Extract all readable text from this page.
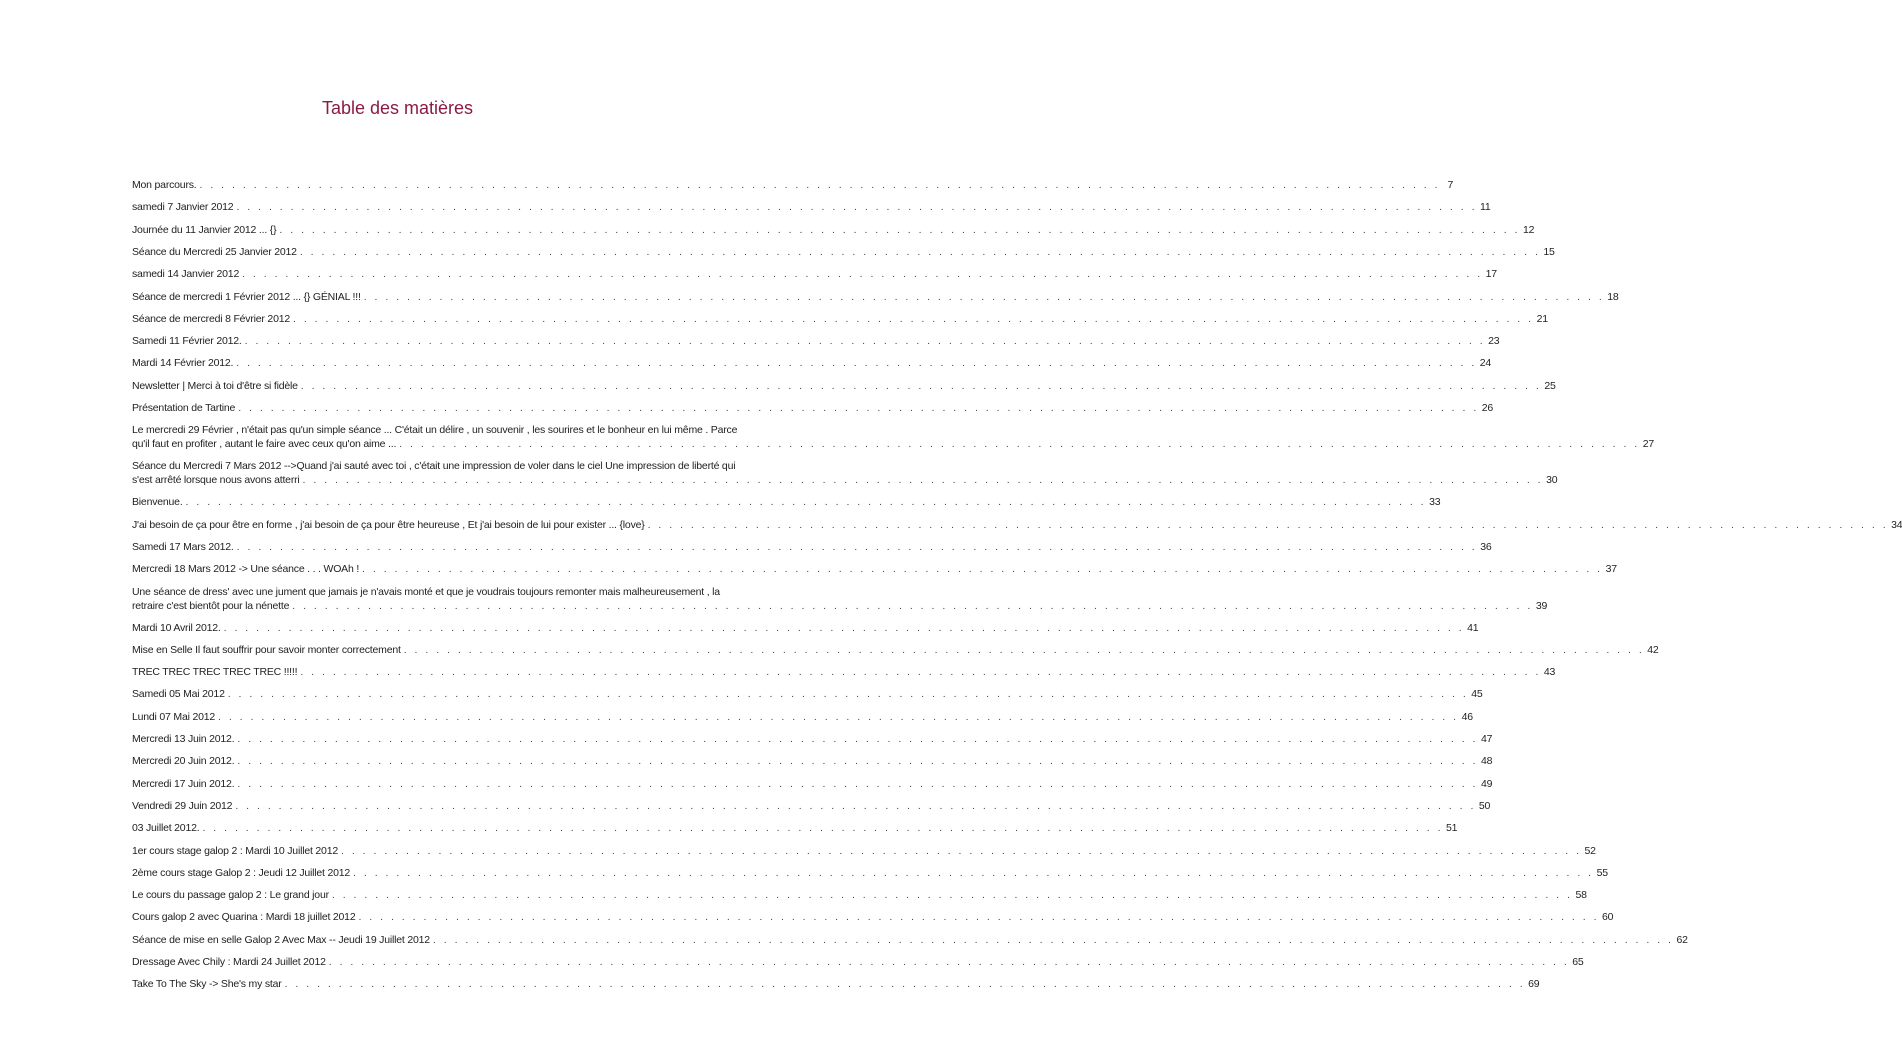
Table des matières
Mon parcours. . . .	7
samedi 7 Janvier 2012 . . .	11
Journée du 11 Janvier 2012 ... {} . . .	12
Séance du Mercredi 25 Janvier 2012 . . .	15
samedi 14 Janvier 2012 . . .	17
Séance de mercredi 1 Février 2012 ... {} GÉNIAL !!! . . .	18
Séance de mercredi 8 Février 2012 . . .	21
Samedi 11 Février 2012. . . .	23
Mardi 14 Février 2012. . . .	24
Newsletter | Merci à toi d'être si fidèle . . .	25
Présentation de Tartine . . .	26
Le mercredi 29 Février , n'était pas qu'un simple séance ... C'était un délire , un souvenir , les sourires et le bonheur en lui même . Parce
qu'il faut en profiter , autant le faire avec ceux qu'on aime ... . . .	27
Séance du Mercredi 7 Mars 2012 -->Quand j'ai sauté avec toi , c'était une impression de voler dans le ciel Une impression de liberté qui
s'est arrêté lorsque nous avons atterri . . .	30
Bienvenue. . . .	33
J'ai besoin de ça pour être en forme , j'ai besoin de ça pour être heureuse , Et j'ai besoin de lui pour exister ... {love} . . .	34
Samedi 17 Mars 2012. . . .	36
Mercredi 18 Mars 2012 -> Une séance . . . WOAh ! . . .	37
Une séance de dress' avec une jument que jamais je n'avais monté et que je voudrais toujours remonter mais malheureusement , la
retraire c'est bientôt pour la nénette . . .	39
Mardi 10 Avril 2012. . . .	41
Mise en Selle Il faut souffrir pour savoir monter correctement . . .	42
TREC TREC TREC TREC TREC !!!!! . . .	43
Samedi 05 Mai 2012 . . .	45
Lundi 07 Mai 2012 . . .	46
Mercredi 13 Juin 2012. . . .	47
Mercredi 20 Juin 2012. . . .	48
Mercredi 17 Juin 2012. . . .	49
Vendredi 29 Juin 2012 . . .	50
03 Juillet 2012. . . .	51
1er cours stage galop 2 : Mardi 10 Juillet 2012 . . .	52
2ème cours stage Galop 2 : Jeudi 12 Juillet 2012 . . .	55
Le cours du passage galop 2 : Le grand jour . . .	58
Cours galop 2 avec Quarina : Mardi 18 juillet 2012 . . .	60
Séance de mise en selle Galop 2 Avec Max -- Jeudi 19 Juillet 2012 . . .	62
Dressage Avec Chily : Mardi 24 Juillet 2012 . . .	65
Take To The Sky -> She's my star . . .	69
